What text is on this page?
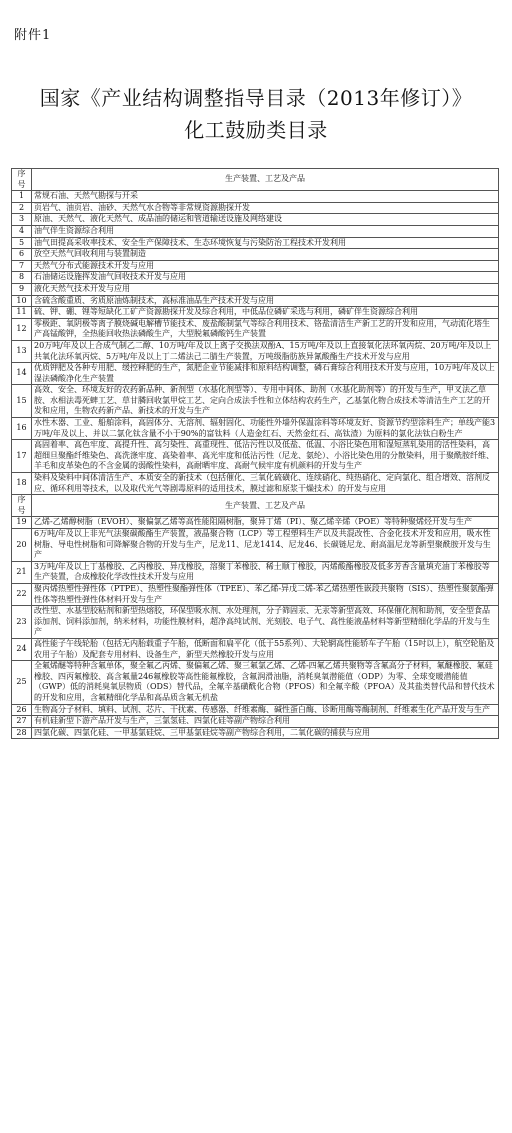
附件1
国家《产业结构调整指导目录（2013年修订）》
化工鼓励类目录
序号	生产装置、工艺及产品
1	常规石油、天然气勘探与开采
2	页岩气、油页岩、油砂、天然气水合物等非常规资源勘探开发
3	原油、天然气、液化天然气、成品油的储运和管道输送设施及网络建设
4	油气伴生资源综合利用
5	油气田提高采收率技术、安全生产保障技术、生态环境恢复与污染防治工程技术开发利用
6	放空天然气回收利用与装置制造
7	天然气分布式能源技术开发与应用
8	石油储运设施挥发油气回收技术开发与应用
9	液化天然气技术开发与应用
10	含硫含酸重质、劣质原油炼制技术，高标准油品生产技术开发与应用
11	硫、钾、硼、锂等短缺化工矿产资源勘探开发及综合利用，中低品位磷矿采选与利用，磷矿伴生资源综合利用
12	零极距、氧阴极等离子膜烧碱电解槽节能技术、废盐酸制氯气等综合利用技术、铬盐清洁生产新工艺的开发和应用，气动流化塔生产高锰酸钾，全热能回收热法磷酸生产，大型脱氟磷酸钙生产装置
13	20万吨/年及以上合成气制乙二醇、10万吨/年及以上离子交换法双酚A、15万吨/年及以上直接氧化法环氧丙烷、20万吨/年及以上共氧化法环氧丙烷、5万吨/年及以上丁二烯法己二腈生产装置，万吨级脂肪族异氰酸酯生产技术开发与应用
14	优质钾肥及各种专用肥、缓控释肥的生产，氮肥企业节能减排和原料结构调整，磷石膏综合利用技术开发与应用，10万吨/年及以上湿法磷酸净化生产装置
15	高效、安全、环境友好的农药新品种、新剂型（水基化剂型等）、专用中间体、助剂（水基化助剂等）的开发与生产，甲叉法乙草胺、水相法毒死蜱工艺、草甘膦回收氯甲烷工艺、定向合成法手性和立体结构农药生产，乙基氯化物合成技术等清洁生产工艺的开发和应用，生物农药新产品、新技术的开发与生产
16	水性木器、工业、船舶涂料，高固体分、无溶剂、辐射固化、功能性外墙外保温涂料等环境友好、资源节约型涂料生产；单线产能3万吨/年及以上、并以二氯化钛含量不小于90%的富钛料（人造金红石、天然金红石、高钛渣）为原料的氯化法钛白粉生产
17	高固着率、高色牢度、高提升性、高匀染性、高重现性、低沾污性以及低盐、低温、小浴比染色用和湿短蒸轧染用的活性染料，高超细旦聚酯纤维染色、高洗涤牢度、高染着率、高光牢度和低沾污性（尼龙、氨纶）、小浴比染色用的分散染料，用于聚酰胺纤维、羊毛和皮革染色的不含金属的弱酸性染料，高耐晒牢度、高耐气候牢度有机颜料的开发与生产
18	染料及染料中间体清洁生产、本质安全的新技术（包括催化、三氧化硫磺化、连续硝化、纯热硝化、定向氯化、组合增效、溶剂反应、循环利用等技术，以及取代光气等剧毒原料的适用技术，膜过滤和原浆干燥技术）的开发与应用
序号	生产装置、工艺及产品
19	乙烯-乙烯醇树脂（EVOH）、聚偏氯乙烯等高性能阻隔树脂，聚异丁烯（PI）、聚乙烯辛烯（POE）等特种聚烯烃开发与生产
20	6万吨/年及以上非光气法聚碳酸酯生产装置，液晶聚合物（LCP）等工程塑料生产以及共混改性、合金化技术开发和应用，吸水性树脂、导电性树脂和可降解聚合物的开发与生产，尼龙11、尼龙1414、尼龙46、长碳链尼龙、耐高温尼龙等新型聚酰胺开发与生产
21	3万吨/年及以上丁基橡胶、乙丙橡胶、异戊橡胶，溶聚丁苯橡胶、稀土顺丁橡胶，丙烯酸酯橡胶及低多芳香含量填充油丁苯橡胶等生产装置，合成橡胶化学改性技术开发与应用
22	聚丙烯热塑性弹性体（PTPE）、热塑性聚酯弹性体（TPEE）、苯乙烯-异戊二烯-苯乙烯热塑性嵌段共聚物（SIS）、热塑性聚氨酯弹性体等热塑性弹性体材料开发与生产
23	改性型、水基型胶粘剂和新型热熔胶，环保型吸水剂、水处理剂，分子筛固汞、无汞等新型高效、环保催化剂和助剂，安全型食品添加剂、饲料添加剂，纳米材料，功能性膜材料，超净高纯试剂、光刻胶、电子气、高性能液晶材料等新型精细化学品的开发与生产
24	高性能子午线轮胎（包括无内胎载重子午胎，低断面和扁平化（低于55系列）、大轮辋高性能轿车子午胎（15吋以上），航空轮胎及农用子午胎）及配套专用材料、设备生产，新型天然橡胶开发与应用
25	全氟烯醚等特种含氟单体，聚全氟乙丙烯、聚偏氟乙烯、聚三氟氯乙烯、乙烯-四氟乙烯共聚物等含氟高分子材料，氟醚橡胶、氟硅橡胶、四丙氟橡胶、高含氟量246氟橡胶等高性能氟橡胶，含氟润滑油脂，消耗臭氧潜能值（ODP）为零、全球变暖潜能值（GWP）低的消耗臭氧层物质（ODS）替代品，全氟辛基磺酰化合物（PFOS）和全氟辛酸（PFOA）及其盐类替代品和替代技术的开发和应用，含氟精细化学品和高品质含氟无机盐
26	生物高分子材料、填料、试剂、芯片、干扰素、传感器、纤维素酶、碱性蛋白酶、诊断用酶等酶制剂、纤维素生化产品开发与生产
27	有机硅新型下游产品开发与生产，三氯氢硅、四氯化硅等副产物综合利用
28	四氯化碳、四氯化硅、一甲基氯硅烷、三甲基氯硅烷等副产物综合利用，二氧化碳的捕获与应用
